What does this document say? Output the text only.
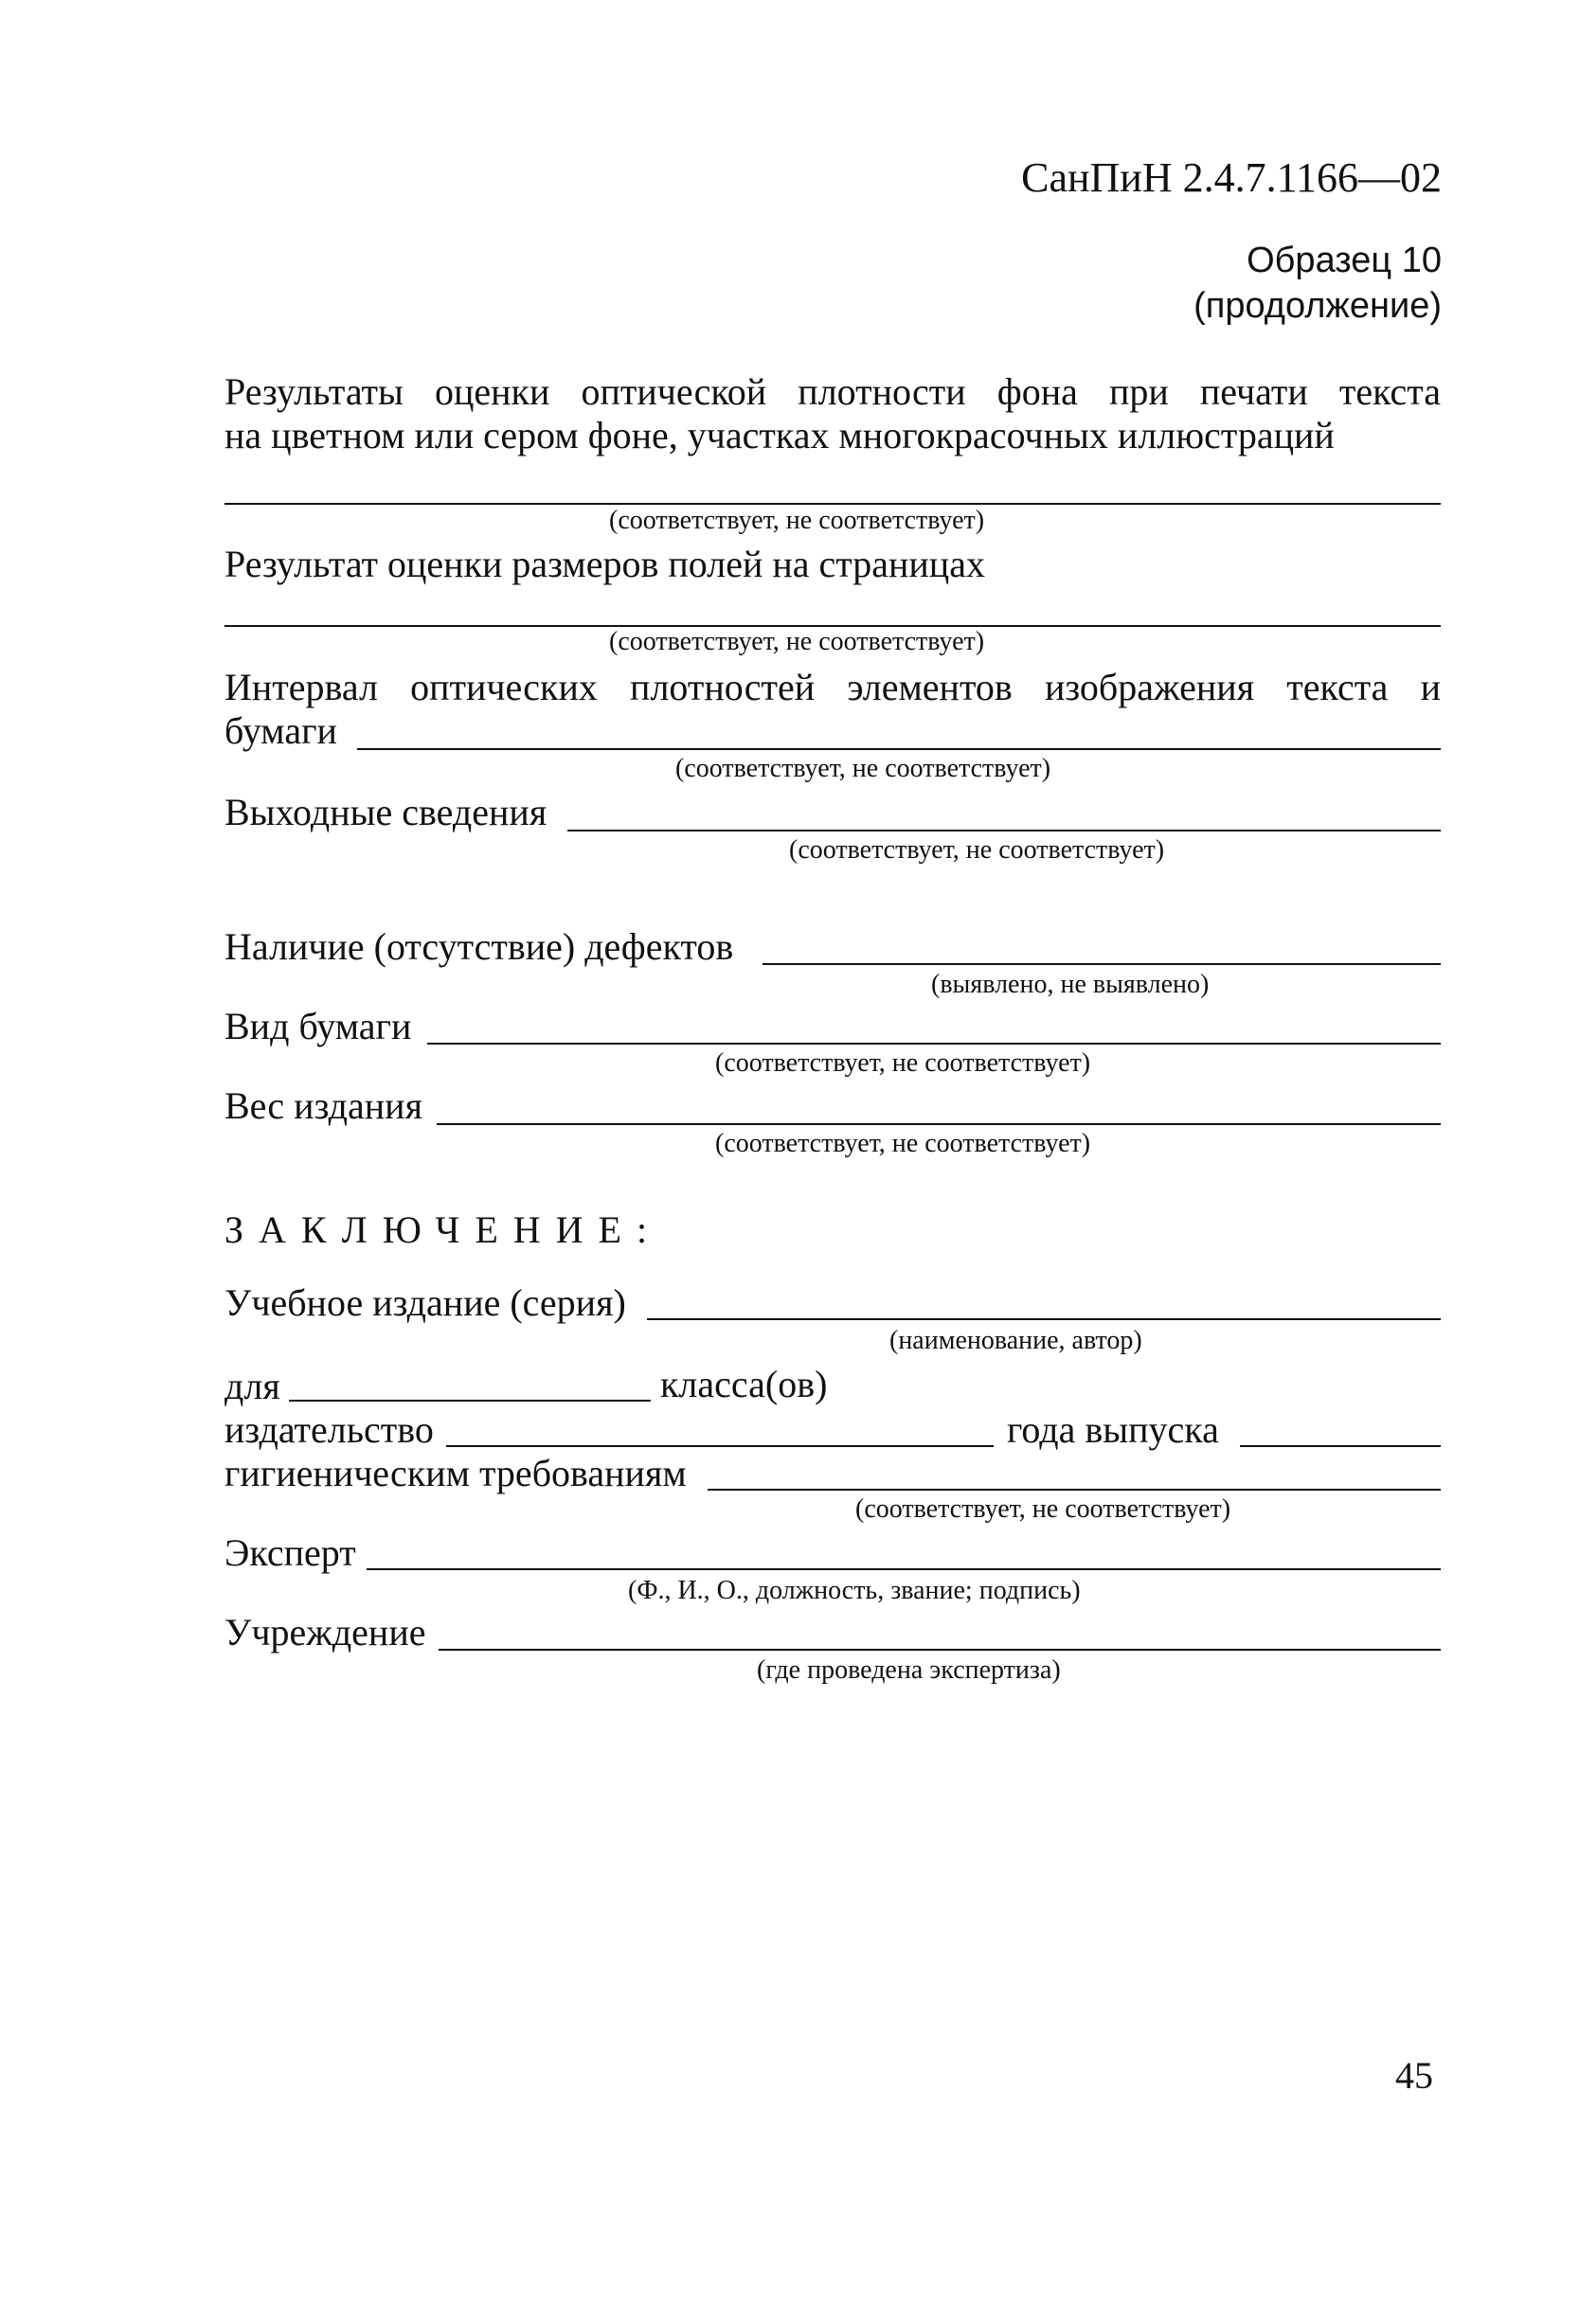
СанПиН 2.4.7.1166—02
Образец 10
(продолжение)
Результаты оценки оптической плотности фона при печати текста
на цветном или сером фоне, участках многокрасочных иллюстраций
(соответствует, не соответствует)
Результат оценки размеров полей на страницах
(соответствует, не соответствует)
Интервал оптических плотностей элементов изображения текста и
бумаги
(соответствует, не соответствует)
Выходные сведения
(соответствует, не соответствует)
Наличие (отсутствие) дефектов
(выявлено, не выявлено)
Вид бумаги
(соответствует, не соответствует)
Вес издания
(соответствует, не соответствует)
ЗАКЛЮЧЕНИЕ:
Учебное издание (серия)
(наименование, автор)
для	класса(ов)
издательство	года выпуска
гигиеническим требованиям
(соответствует, не соответствует)
Эксперт
(Ф., И., О., должность, звание; подпись)
Учреждение
(где проведена экспертиза)
45
